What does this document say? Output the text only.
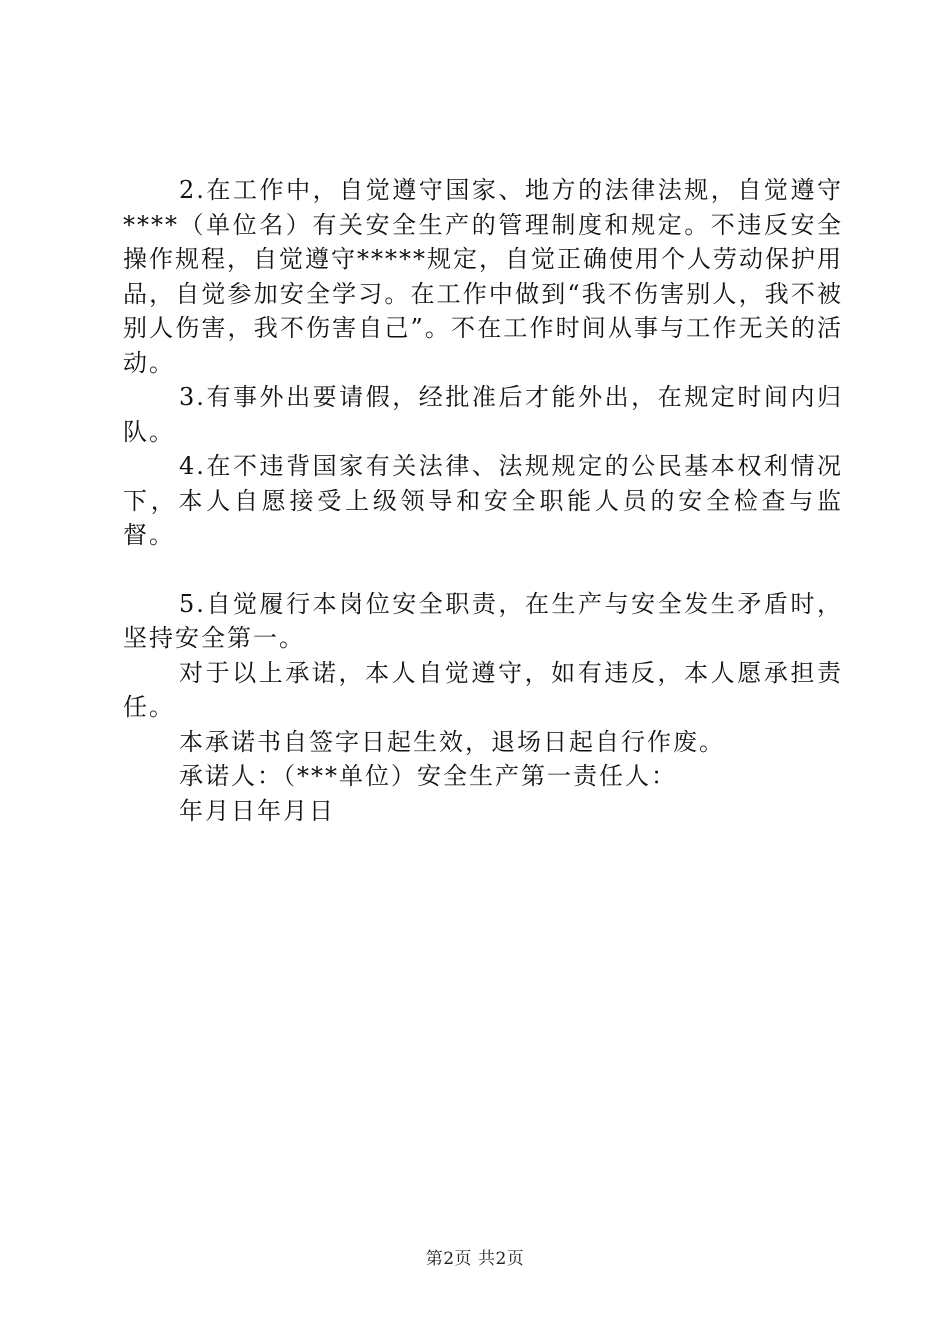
2.在工作中，自觉遵守国家、地方的法律法规，自觉遵守****（单位名）有关安全生产的管理制度和规定。不违反安全操作规程，自觉遵守*****规定，自觉正确使用个人劳动保护用品，自觉参加安全学习。在工作中做到“我不伤害别人，我不被别人伤害，我不伤害自己”。不在工作时间从事与工作无关的活动。

3.有事外出要请假，经批准后才能外出，在规定时间内归队。

4.在不违背国家有关法律、法规规定的公民基本权利情况下，本人自愿接受上级领导和安全职能人员的安全检查与监督。

5.自觉履行本岗位安全职责，在生产与安全发生矛盾时，坚持安全第一。

对于以上承诺，本人自觉遵守，如有违反，本人愿承担责任。

本承诺书自签字日起生效，退场日起自行作废。

承诺人：（***单位）安全生产第一责任人：

年月日年月日

第2页 共2页
